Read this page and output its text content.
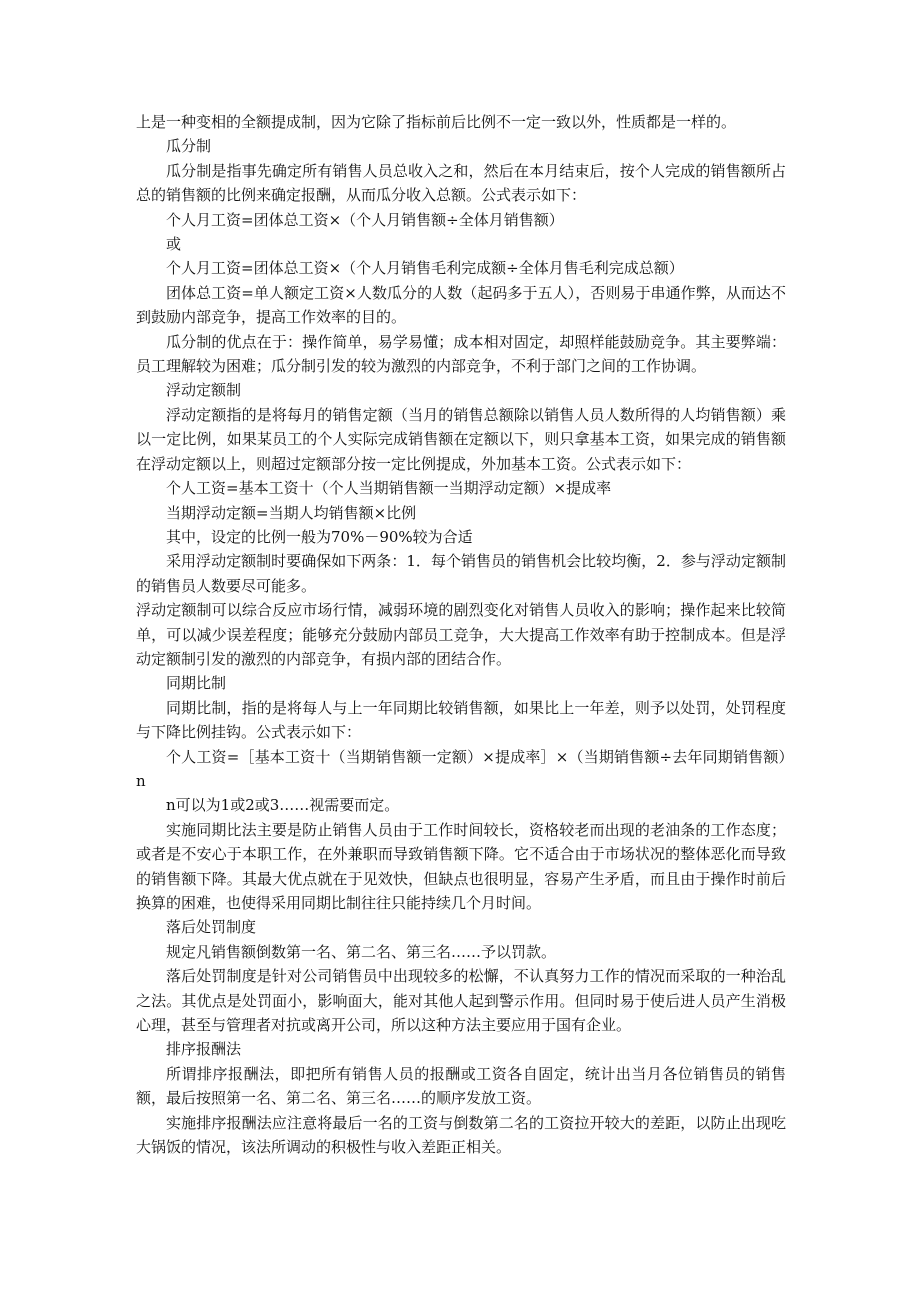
上是一种变相的全额提成制，因为它除了指标前后比例不一定一致以外，性质都是一样的。

瓜分制

瓜分制是指事先确定所有销售人员总收入之和，然后在本月结束后，按个人完成的销售额所占总的销售额的比例来确定报酬，从而瓜分收入总额。公式表示如下：

个人月工资=团体总工资×（个人月销售额÷全体月销售额）

或

个人月工资=团体总工资×（个人月销售毛利完成额÷全体月售毛利完成总额）

团体总工资=单人额定工资×人数瓜分的人数（起码多于五人），否则易于串通作弊，从而达不到鼓励内部竞争，提高工作效率的目的。

瓜分制的优点在于：操作简单，易学易懂；成本相对固定，却照样能鼓励竞争。其主要弊端：员工理解较为困难；瓜分制引发的较为激烈的内部竞争，不利于部门之间的工作协调。

浮动定额制

浮动定额指的是将每月的销售定额（当月的销售总额除以销售人员人数所得的人均销售额）乘以一定比例，如果某员工的个人实际完成销售额在定额以下，则只拿基本工资，如果完成的销售额在浮动定额以上，则超过定额部分按一定比例提成，外加基本工资。公式表示如下：

个人工资=基本工资十（个人当期销售额一当期浮动定额）×提成率

当期浮动定额=当期人均销售额×比例

其中，设定的比例一般为70%－90%较为合适

采用浮动定额制时要确保如下两条：1．每个销售员的销售机会比较均衡，2．参与浮动定额制的销售员人数要尽可能多。

浮动定额制可以综合反应市场行情，减弱环境的剧烈变化对销售人员收入的影响；操作起来比较简单，可以减少误差程度；能够充分鼓励内部员工竞争，大大提高工作效率有助于控制成本。但是浮动定额制引发的激烈的内部竞争，有损内部的团结合作。

同期比制

同期比制，指的是将每人与上一年同期比较销售额，如果比上一年差，则予以处罚，处罚程度与下降比例挂钩。公式表示如下：

个人工资=［基本工资十（当期销售额一定额）×提成率］×（当期销售额÷去年同期销售额）n

n可以为1或2或3……视需要而定。

实施同期比法主要是防止销售人员由于工作时间较长，资格较老而出现的老油条的工作态度；或者是不安心于本职工作，在外兼职而导致销售额下降。它不适合由于市场状况的整体恶化而导致的销售额下降。其最大优点就在于见效快，但缺点也很明显，容易产生矛盾，而且由于操作时前后换算的困难，也使得采用同期比制往往只能持续几个月时间。

落后处罚制度

规定凡销售额倒数第一名、第二名、第三名……予以罚款。

落后处罚制度是针对公司销售员中出现较多的松懈，不认真努力工作的情况而采取的一种治乱之法。其优点是处罚面小，影响面大，能对其他人起到警示作用。但同时易于使后进人员产生消极心理，甚至与管理者对抗或离开公司，所以这种方法主要应用于国有企业。

排序报酬法

所谓排序报酬法，即把所有销售人员的报酬或工资各自固定，统计出当月各位销售员的销售额，最后按照第一名、第二名、第三名……的顺序发放工资。

实施排序报酬法应注意将最后一名的工资与倒数第二名的工资拉开较大的差距，以防止出现吃大锅饭的情况，该法所调动的积极性与收入差距正相关。
